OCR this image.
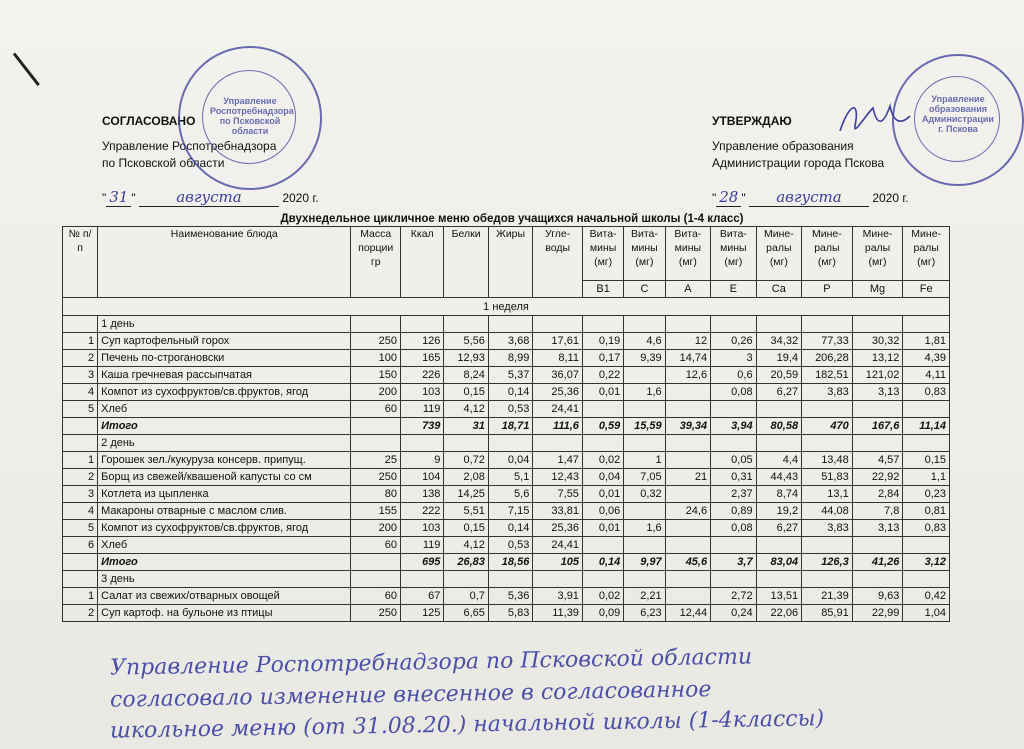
СОГЛАСОВАНО
Управление Роспотребнадзора
по Псковской области
" 31 "	августа	2020 г.
Управление
Роспотребнадзора
по Псковской
области
УТВЕРЖДАЮ
Управление образования
Администрации города Пскова
" 28 " августа	2020 г.
Управление
образования
Администрации
г. Пскова
Двухнедельное цикличное меню обедов учащихся начальной школы (1-4 класс)
№ п/п	Наименование блюда	Масса порции гр	Ккал	Белки	Жиры	Угле-воды	Вита-мины (мг)	Вита-мины (мг)	Вита-мины (мг)	Вита-мины (мг)	Мине-ралы (мг)	Мине-ралы (мг)	Мине-ралы (мг)	Мине-ралы (мг)
							B1	C	A	E	Ca	P	Mg	Fe
1 неделя														
	1 день													
1	Суп картофельный горох	250	126	5,56	3,68	17,61	0,19	4,6	12	0,26	34,32	77,33	30,32	1,81
2	Печень по-строгановски	100	165	12,93	8,99	8,11	0,17	9,39	14,74	3	19,4	206,28	13,12	4,39
3	Каша гречневая рассыпчатая	150	226	8,24	5,37	36,07	0,22		12,6	0,6	20,59	182,51	121,02	4,11
4	Компот из сухофруктов/св.фруктов, ягод	200	103	0,15	0,14	25,36	0,01	1,6		0,08	6,27	3,83	3,13	0,83
5	Хлеб	60	119	4,12	0,53	24,41								
	Итого		739	31	18,71	111,6	0,59	15,59	39,34	3,94	80,58	470	167,6	11,14
	2 день													
1	Горошек зел./кукуруза консерв. припущ.	25	9	0,72	0,04	1,47	0,02	1		0,05	4,4	13,48	4,57	0,15
2	Борщ из свежей/квашеной капусты со см	250	104	2,08	5,1	12,43	0,04	7,05	21	0,31	44,43	51,83	22,92	1,1
3	Котлета из цыпленка	80	138	14,25	5,6	7,55	0,01	0,32		2,37	8,74	13,1	2,84	0,23
4	Макароны отварные с маслом слив.	155	222	5,51	7,15	33,81	0,06		24,6	0,89	19,2	44,08	7,8	0,81
5	Компот из сухофруктов/св.фруктов, ягод	200	103	0,15	0,14	25,36	0,01	1,6		0,08	6,27	3,83	3,13	0,83
6	Хлеб	60	119	4,12	0,53	24,41								
	Итого		695	26,83	18,56	105	0,14	9,97	45,6	3,7	83,04	126,3	41,26	3,12
	3 день													
1	Салат из свежих/отварных овощей	60	67	0,7	5,36	3,91	0,02	2,21		2,72	13,51	21,39	9,63	0,42
2	Суп картоф. на бульоне из птицы	250	125	6,65	5,83	11,39	0,09	6,23	12,44	0,24	22,06	85,91	22,99	1,04
Управление Роспотребнадзора по Псковской области
согласовало изменение внесенное в согласованное
школьное меню (от 31.08.20.) начальной школы (1-4классы)
